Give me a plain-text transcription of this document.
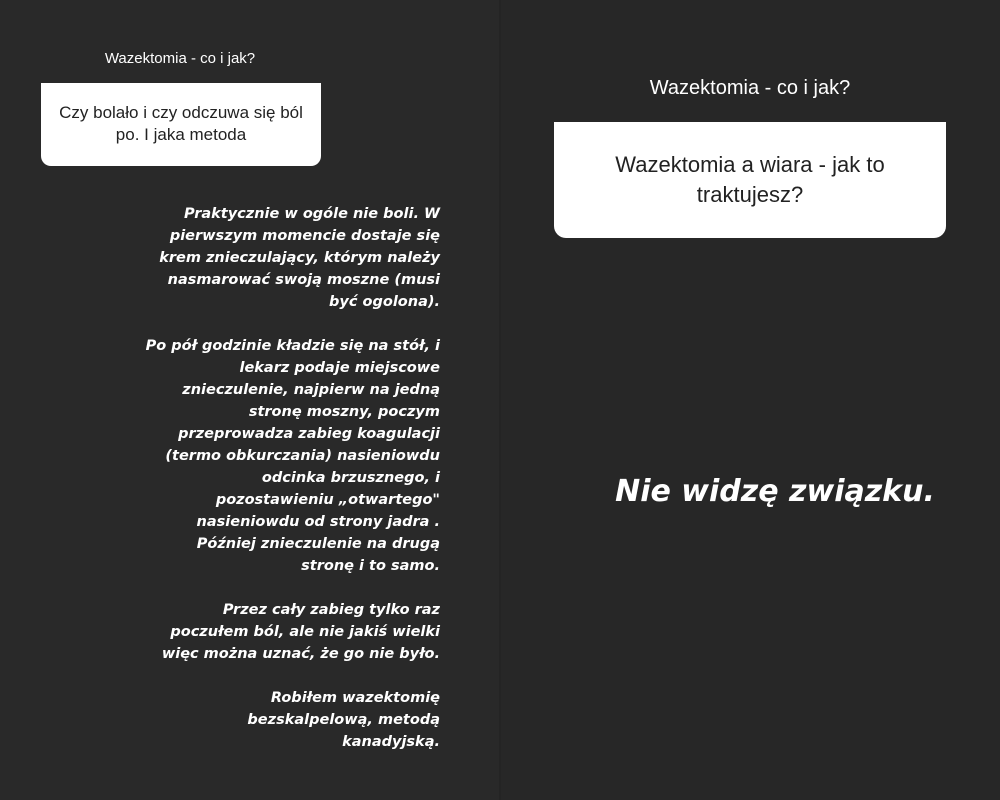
Wazektomia - co i jak?
Czy bolało i czy odczuwa się ból
po. I jaka metoda

Praktycznie w ogóle nie boli. W
pierwszym momencie dostaje się
krem znieczulający, którym należy
nasmarować swoją moszne (musi
być ogolona).

Po pół godzinie kładzie się na stół, i
lekarz podaje miejscowe
znieczulenie, najpierw na jedną
stronę moszny, poczym
przeprowadza zabieg koagulacji
(termo obkurczania) nasieniowdu
odcinka brzusznego, i
pozostawieniu „otwartego"
nasieniowdu od strony jadra .
Później znieczulenie na drugą
stronę i to samo.

Przez cały zabieg tylko raz
poczułem ból, ale nie jakiś wielki
więc można uznać, że go nie było.

Robiłem wazektomię
bezskalpelową, metodą
kanadyjską.

Wazektomia - co i jak?
Wazektomia a wiara - jak to
traktujesz?
Nie widzę związku.
